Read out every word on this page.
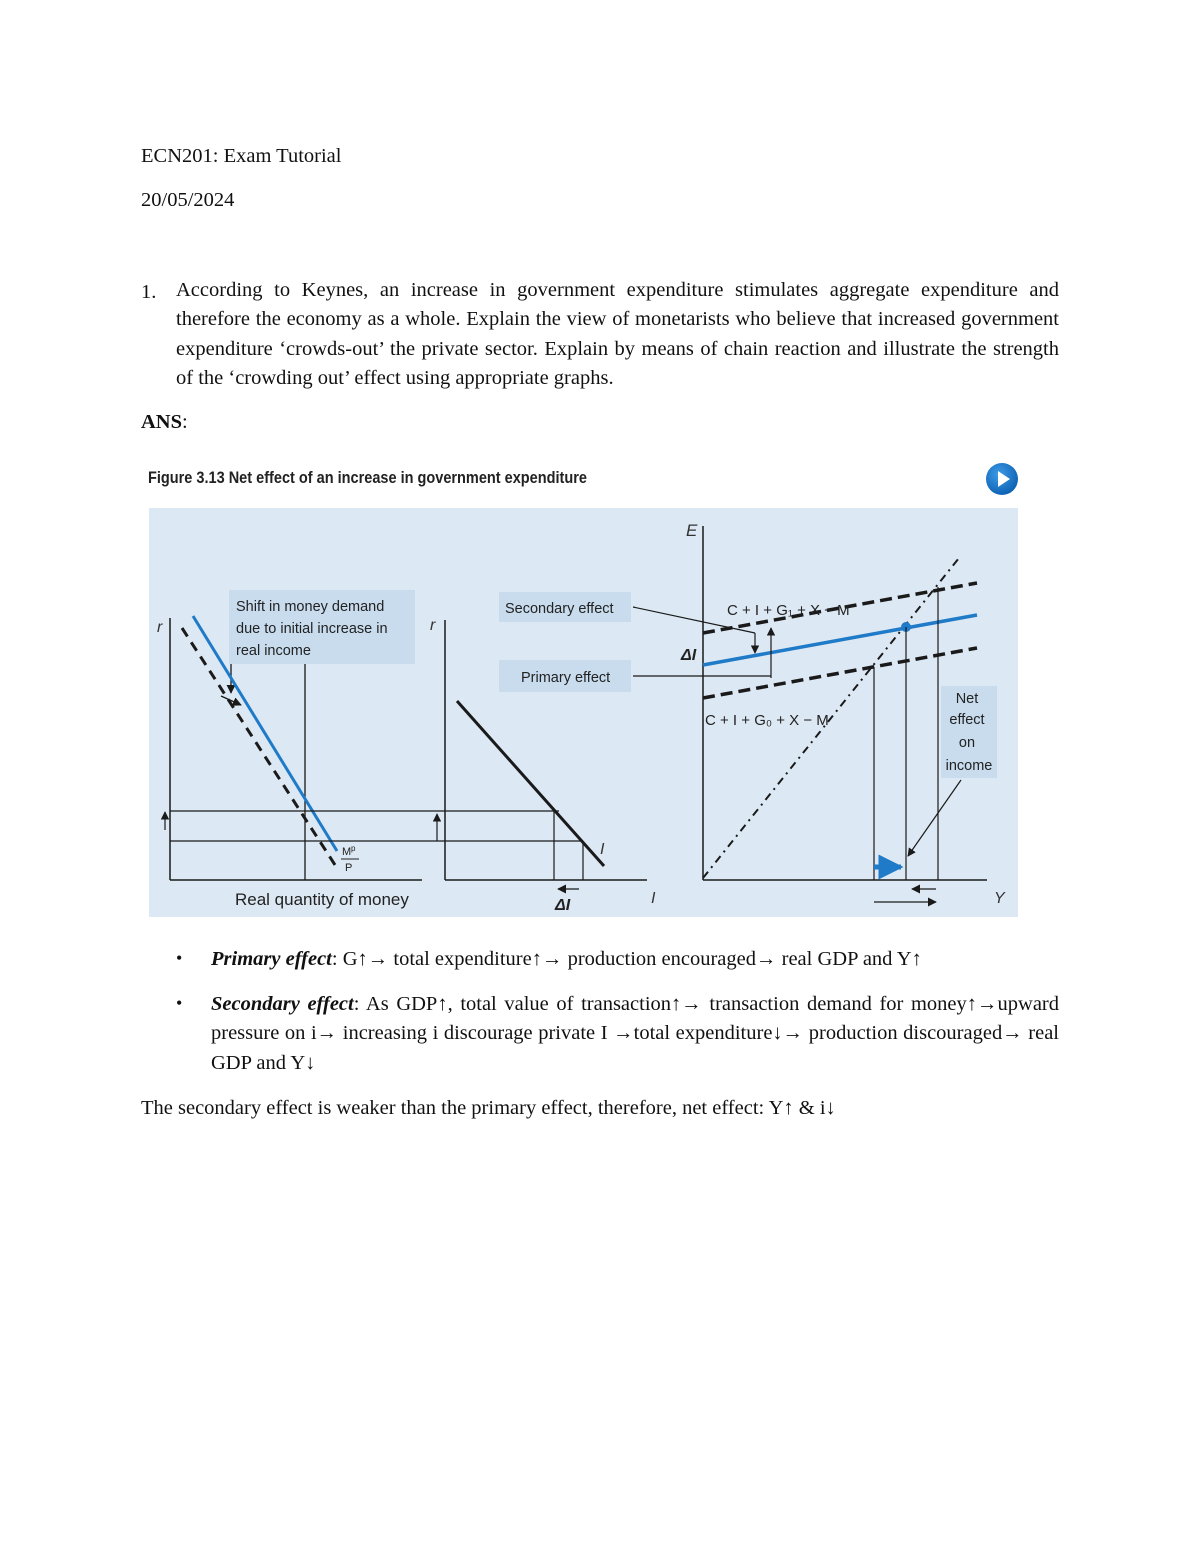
ECN201: Exam Tutorial
20/05/2024
1. According to Keynes, an increase in government expenditure stimulates aggregate expenditure and therefore the economy as a whole. Explain the view of monetarists who believe that increased government expenditure ‘crowds-out’ the private sector. Explain by means of chain reaction and illustrate the strength of the ‘crowding out’ effect using appropriate graphs.
ANS:
Figure 3.13 Net effect of an increase in government expenditure
r
Real quantity of money
Shift in money demand due to initial increase in real income
M p
P
r
I
I
ΔI
E
Y
ΔI
C + I + G₁ + X − M
C + I + G₀ + X − M
Secondary effect
Primary effect
Net effect on income
• Primary effect: G↑→ total expenditure↑→ production encouraged→ real GDP and Y↑
• Secondary effect: As GDP↑, total value of transaction↑→ transaction demand for money↑→upward pressure on i→ increasing i discourage private I →total expenditure↓→ production discouraged→ real GDP and Y↓
The secondary effect is weaker than the primary effect, therefore, net effect: Y↑ & i↓
